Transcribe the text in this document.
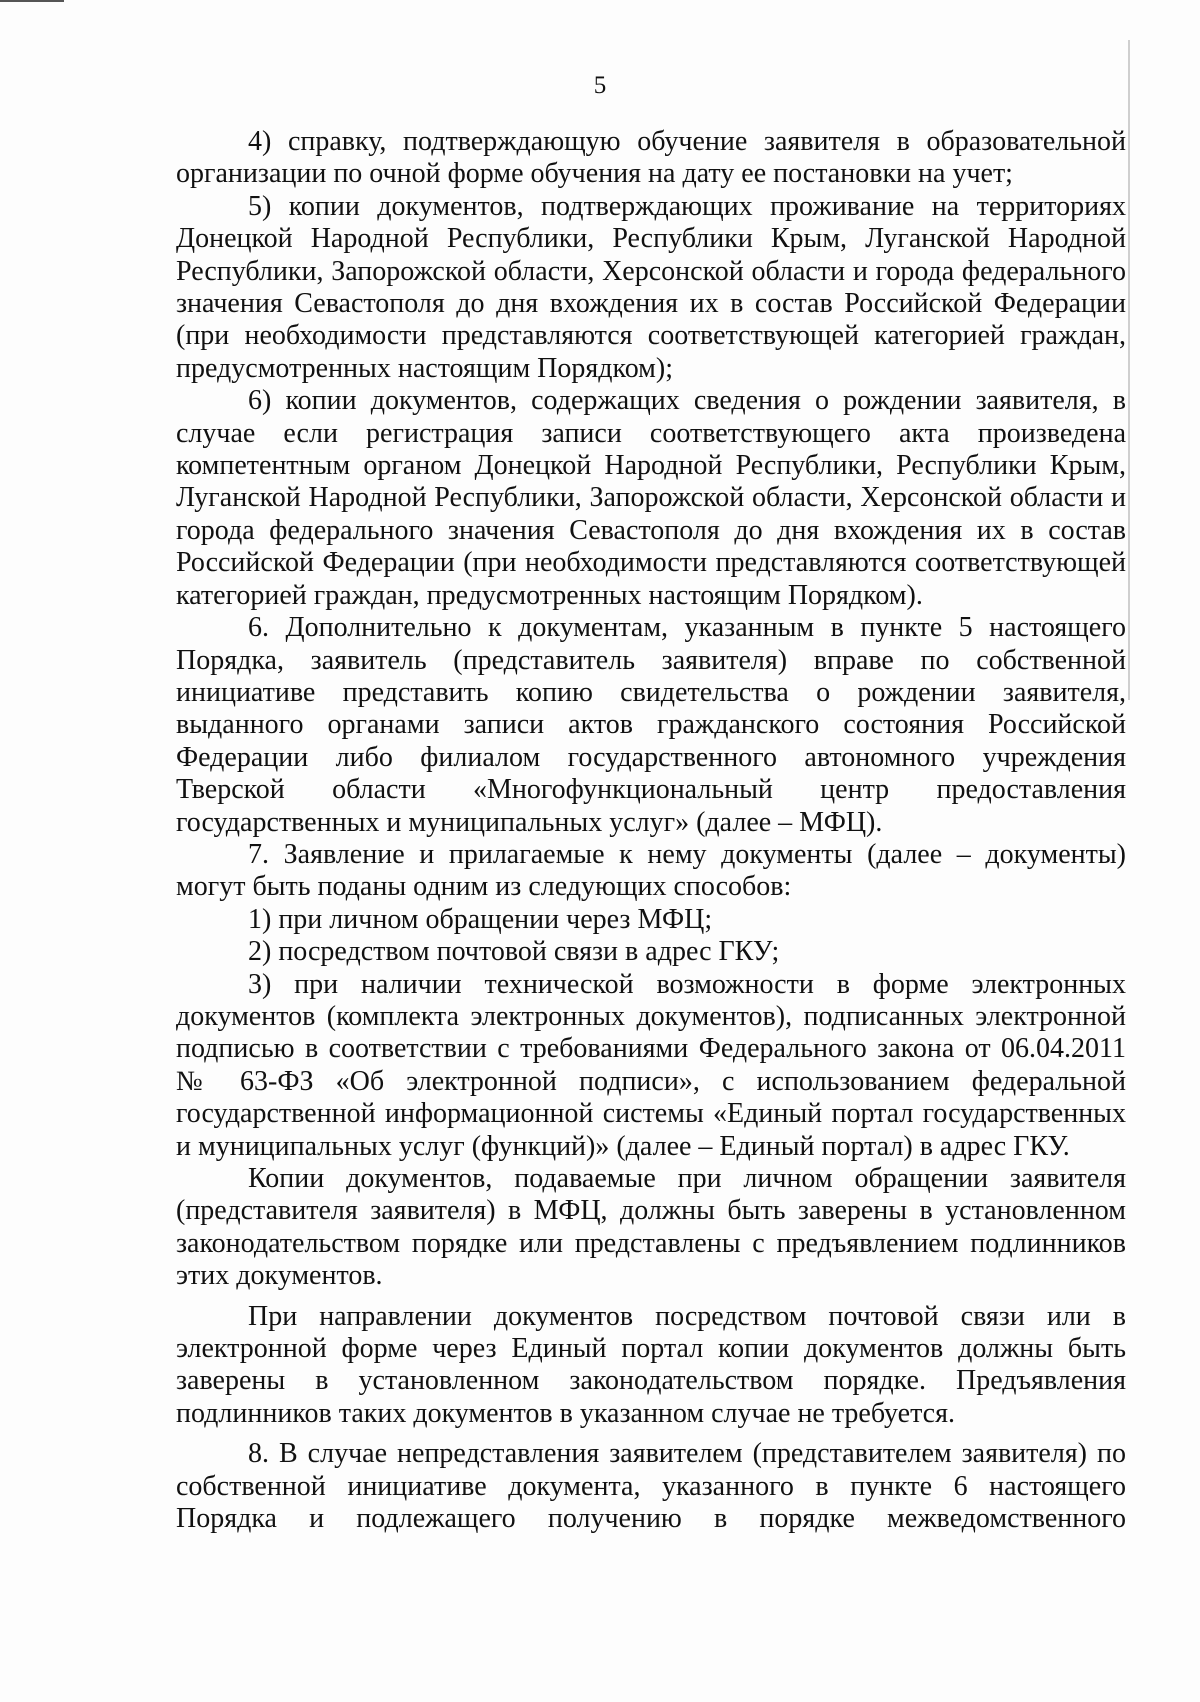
5

4) справку, подтверждающую обучение заявителя в образовательной организации по очной форме обучения на дату ее постановки на учет;

5) копии документов, подтверждающих проживание на территориях Донецкой Народной Республики, Республики Крым, Луганской Народной Республики, Запорожской области, Херсонской области и города федерального значения Севастополя до дня вхождения их в состав Российской Федерации (при необходимости представляются соответствующей категорией граждан, предусмотренных настоящим Порядком);

6) копии документов, содержащих сведения о рождении заявителя, в случае если регистрация записи соответствующего акта произведена компетентным органом Донецкой Народной Республики, Республики Крым, Луганской Народной Республики, Запорожской области, Херсонской области и города федерального значения Севастополя до дня вхождения их в состав Российской Федерации (при необходимости представляются соответствующей категорией граждан, предусмотренных настоящим Порядком).

6. Дополнительно к документам, указанным в пункте 5 настоящего Порядка, заявитель (представитель заявителя) вправе по собственной инициативе представить копию свидетельства о рождении заявителя, выданного органами записи актов гражданского состояния Российской Федерации либо филиалом государственного автономного учреждения Тверской области «Многофункциональный центр предоставления государственных и муниципальных услуг» (далее – МФЦ).

7. Заявление и прилагаемые к нему документы (далее – документы) могут быть поданы одним из следующих способов:

1) при личном обращении через МФЦ;

2) посредством почтовой связи в адрес ГКУ;

3) при наличии технической возможности в форме электронных документов (комплекта электронных документов), подписанных электронной подписью в соответствии с требованиями Федерального закона от 06.04.2011 № 63-ФЗ «Об электронной подписи», с использованием федеральной государственной информационной системы «Единый портал государственных и муниципальных услуг (функций)» (далее – Единый портал) в адрес ГКУ.

Копии документов, подаваемые при личном обращении заявителя (представителя заявителя) в МФЦ, должны быть заверены в установленном законодательством порядке или представлены с предъявлением подлинников этих документов.

При направлении документов посредством почтовой связи или в электронной форме через Единый портал копии документов должны быть заверены в установленном законодательством порядке. Предъявления подлинников таких документов в указанном случае не требуется.

8. В случае непредставления заявителем (представителем заявителя) по собственной инициативе документа, указанного в пункте 6 настоящего Порядка и подлежащего получению в порядке межведомственного
